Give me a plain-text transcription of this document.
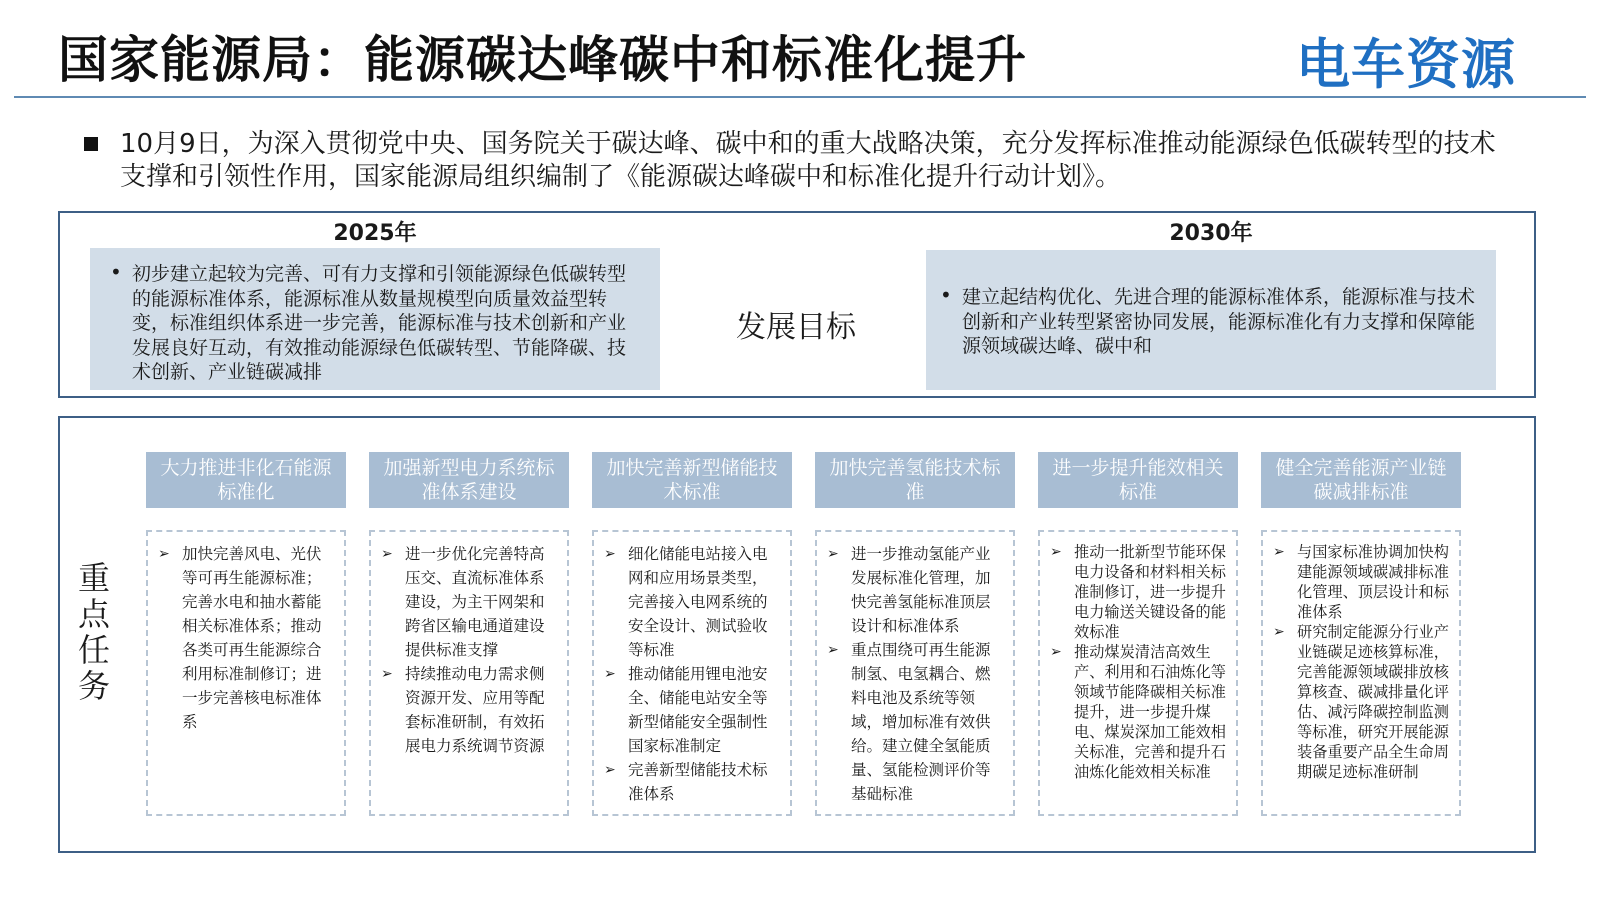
国家能源局：能源碳达峰碳中和标准化提升	电车资源
10月9日，为深入贯彻党中央、国务院关于碳达峰、碳中和的重大战略决策，充分发挥标准推动能源绿色低碳转型的技术支撑和引领性作用，国家能源局组织编制了《能源碳达峰碳中和标准化提升行动计划》。
2025年	2030年
• 初步建立起较为完善、可有力支撑和引领能源绿色低碳转型的能源标准体系，能源标准从数量规模型向质量效益型转变，标准组织体系进一步完善，能源标准与技术创新和产业发展良好互动，有效推动能源绿色低碳转型、节能降碳、技术创新、产业链碳减排
发展目标
• 建立起结构优化、先进合理的能源标准体系，能源标准与技术创新和产业转型紧密协同发展，能源标准化有力支撑和保障能源领域碳达峰、碳中和
重
点
任
务
大力推进非化石能源标准化
➢ 加快完善风电、光伏等可再生能源标准；完善水电和抽水蓄能相关标准体系；推动各类可再生能源综合利用标准制修订；进一步完善核电标准体系
加强新型电力系统标准体系建设
➢ 进一步优化完善特高压交、直流标准体系建设，为主干网架和跨省区输电通道建设提供标准支撑
➢ 持续推动电力需求侧资源开发、应用等配套标准研制，有效拓展电力系统调节资源
加快完善新型储能技术标准
➢ 细化储能电站接入电网和应用场景类型，完善接入电网系统的安全设计、测试验收等标准
➢ 推动储能用锂电池安全、储能电站安全等新型储能安全强制性国家标准制定
➢ 完善新型储能技术标准体系
加快完善氢能技术标准
➢ 进一步推动氢能产业发展标准化管理，加快完善氢能标准顶层设计和标准体系
➢ 重点围绕可再生能源制氢、电氢耦合、燃料电池及系统等领域，增加标准有效供给。建立健全氢能质量、氢能检测评价等基础标准
进一步提升能效相关标准
➢ 推动一批新型节能环保电力设备和材料相关标准制修订，进一步提升电力输送关键设备的能效标准
➢ 推动煤炭清洁高效生产、利用和石油炼化等领域节能降碳相关标准提升，进一步提升煤电、煤炭深加工能效相关标准，完善和提升石油炼化能效相关标准
健全完善能源产业链碳减排标准
➢ 与国家标准协调加快构建能源领域碳减排标准化管理、顶层设计和标准体系
➢ 研究制定能源分行业产业链碳足迹核算标准，完善能源领域碳排放核算核查、碳减排量化评估、减污降碳控制监测等标准，研究开展能源装备重要产品全生命周期碳足迹标准研制
